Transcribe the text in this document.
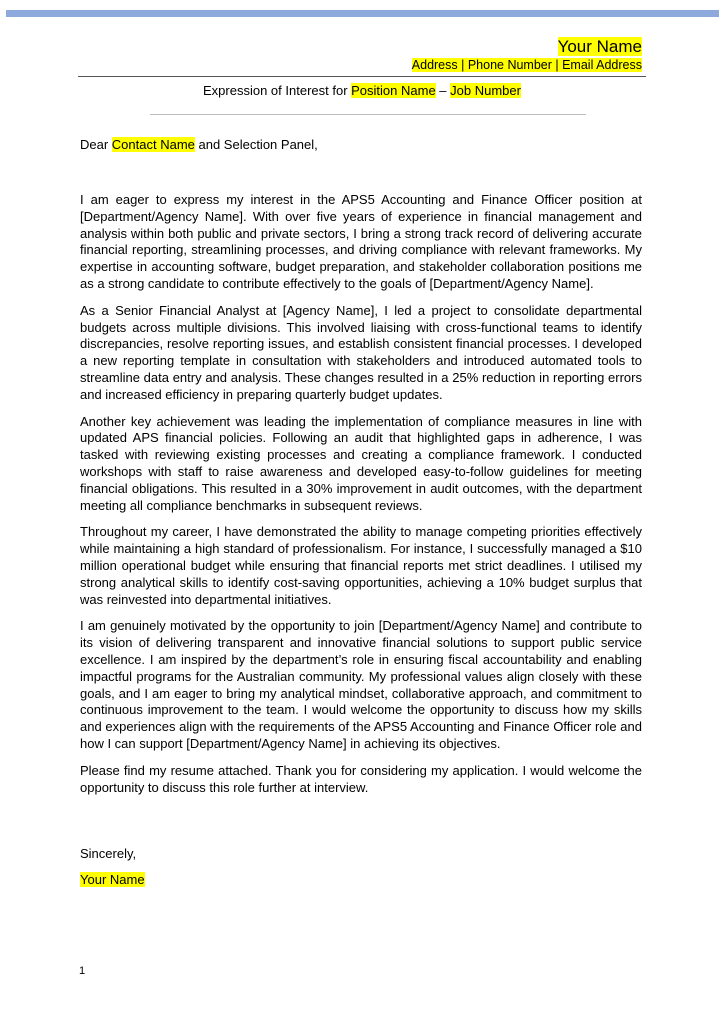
Your Name
Address | Phone Number | Email Address
Expression of Interest for Position Name – Job Number
Dear Contact Name and Selection Panel,

I am eager to express my interest in the APS5 Accounting and Finance Officer position at [Department/Agency Name]. With over five years of experience in financial management and analysis within both public and private sectors, I bring a strong track record of delivering accurate financial reporting, streamlining processes, and driving compliance with relevant frameworks. My expertise in accounting software, budget preparation, and stakeholder collaboration positions me as a strong candidate to contribute effectively to the goals of [Department/Agency Name].

As a Senior Financial Analyst at [Agency Name], I led a project to consolidate departmental budgets across multiple divisions. This involved liaising with cross-functional teams to identify discrepancies, resolve reporting issues, and establish consistent financial processes. I developed a new reporting template in consultation with stakeholders and introduced automated tools to streamline data entry and analysis. These changes resulted in a 25% reduction in reporting errors and increased efficiency in preparing quarterly budget updates.

Another key achievement was leading the implementation of compliance measures in line with updated APS financial policies. Following an audit that highlighted gaps in adherence, I was tasked with reviewing existing processes and creating a compliance framework. I conducted workshops with staff to raise awareness and developed easy-to-follow guidelines for meeting financial obligations. This resulted in a 30% improvement in audit outcomes, with the department meeting all compliance benchmarks in subsequent reviews.

Throughout my career, I have demonstrated the ability to manage competing priorities effectively while maintaining a high standard of professionalism. For instance, I successfully managed a $10 million operational budget while ensuring that financial reports met strict deadlines. I utilised my strong analytical skills to identify cost-saving opportunities, achieving a 10% budget surplus that was reinvested into departmental initiatives.

I am genuinely motivated by the opportunity to join [Department/Agency Name] and contribute to its vision of delivering transparent and innovative financial solutions to support public service excellence. I am inspired by the department’s role in ensuring fiscal accountability and enabling impactful programs for the Australian community. My professional values align closely with these goals, and I am eager to bring my analytical mindset, collaborative approach, and commitment to continuous improvement to the team. I would welcome the opportunity to discuss how my skills and experiences align with the requirements of the APS5 Accounting and Finance Officer role and how I can support [Department/Agency Name] in achieving its objectives.

Please find my resume attached. Thank you for considering my application. I would welcome the opportunity to discuss this role further at interview.

Sincerely,
Your Name
1
